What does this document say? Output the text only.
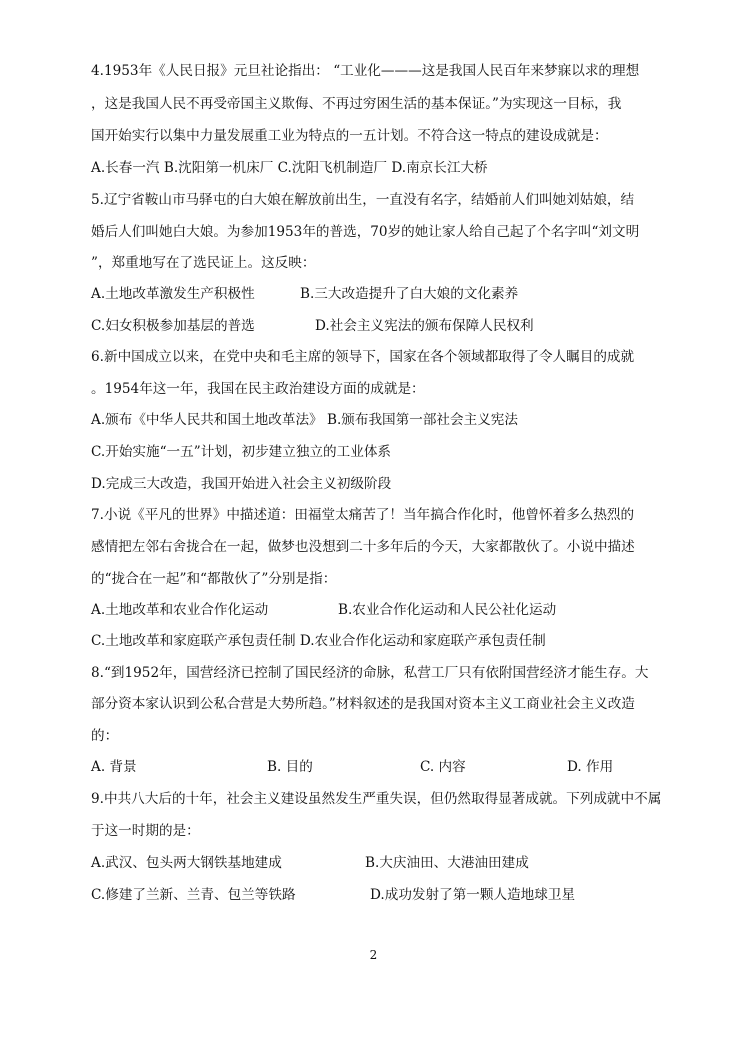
4.1953年《人民日报》元旦社论指出： “工业化———这是我国人民百年来梦寐以求的理想
，这是我国人民不再受帝国主义欺侮、不再过穷困生活的基本保证。”为实现这一目标，我
国开始实行以集中力量发展重工业为特点的一五计划。不符合这一特点的建设成就是：
A.长春一汽 B.沈阳第一机床厂 C.沈阳飞机制造厂 D.南京长江大桥
5.辽宁省鞍山市马驿屯的白大娘在解放前出生，一直没有名字，结婚前人们叫她刘姑娘，结
婚后人们叫她白大娘。为参加1953年的普选，70岁的她让家人给自己起了个名字叫“刘文明
”，郑重地写在了选民证上。这反映：
A.土地改革激发生产积极性	B.三大改造提升了白大娘的文化素养
C.妇女积极参加基层的普选	D.社会主义宪法的颁布保障人民权利
6.新中国成立以来，在党中央和毛主席的领导下，国家在各个领域都取得了令人瞩目的成就
。1954年这一年，我国在民主政治建设方面的成就是：
A.颁布《中华人民共和国土地改革法》 B.颁布我国第一部社会主义宪法
C.开始实施“一五”计划，初步建立独立的工业体系
D.完成三大改造，我国开始进入社会主义初级阶段
7.小说《平凡的世界》中描述道：田福堂太痛苦了！当年搞合作化时，他曾怀着多么热烈的
感情把左邻右舍拢合在一起，做梦也没想到二十多年后的今天，大家都散伙了。小说中描述
的“拢合在一起”和“都散伙了”分别是指：
A.土地改革和农业合作化运动	B.农业合作化运动和人民公社化运动
C.土地改革和家庭联产承包责任制 D.农业合作化运动和家庭联产承包责任制
8.“到1952年，国营经济已控制了国民经济的命脉，私营工厂只有依附国营经济才能生存。大
部分资本家认识到公私合营是大势所趋。”材料叙述的是我国对资本主义工商业社会主义改造
的：
A. 背景	B. 目的	C. 内容	D. 作用
9.中共八大后的十年，社会主义建设虽然发生严重失误，但仍然取得显著成就。下列成就中不属
于这一时期的是：
A.武汉、包头两大钢铁基地建成	B.大庆油田、大港油田建成
C.修建了兰新、兰青、包兰等铁路	D.成功发射了第一颗人造地球卫星
2
